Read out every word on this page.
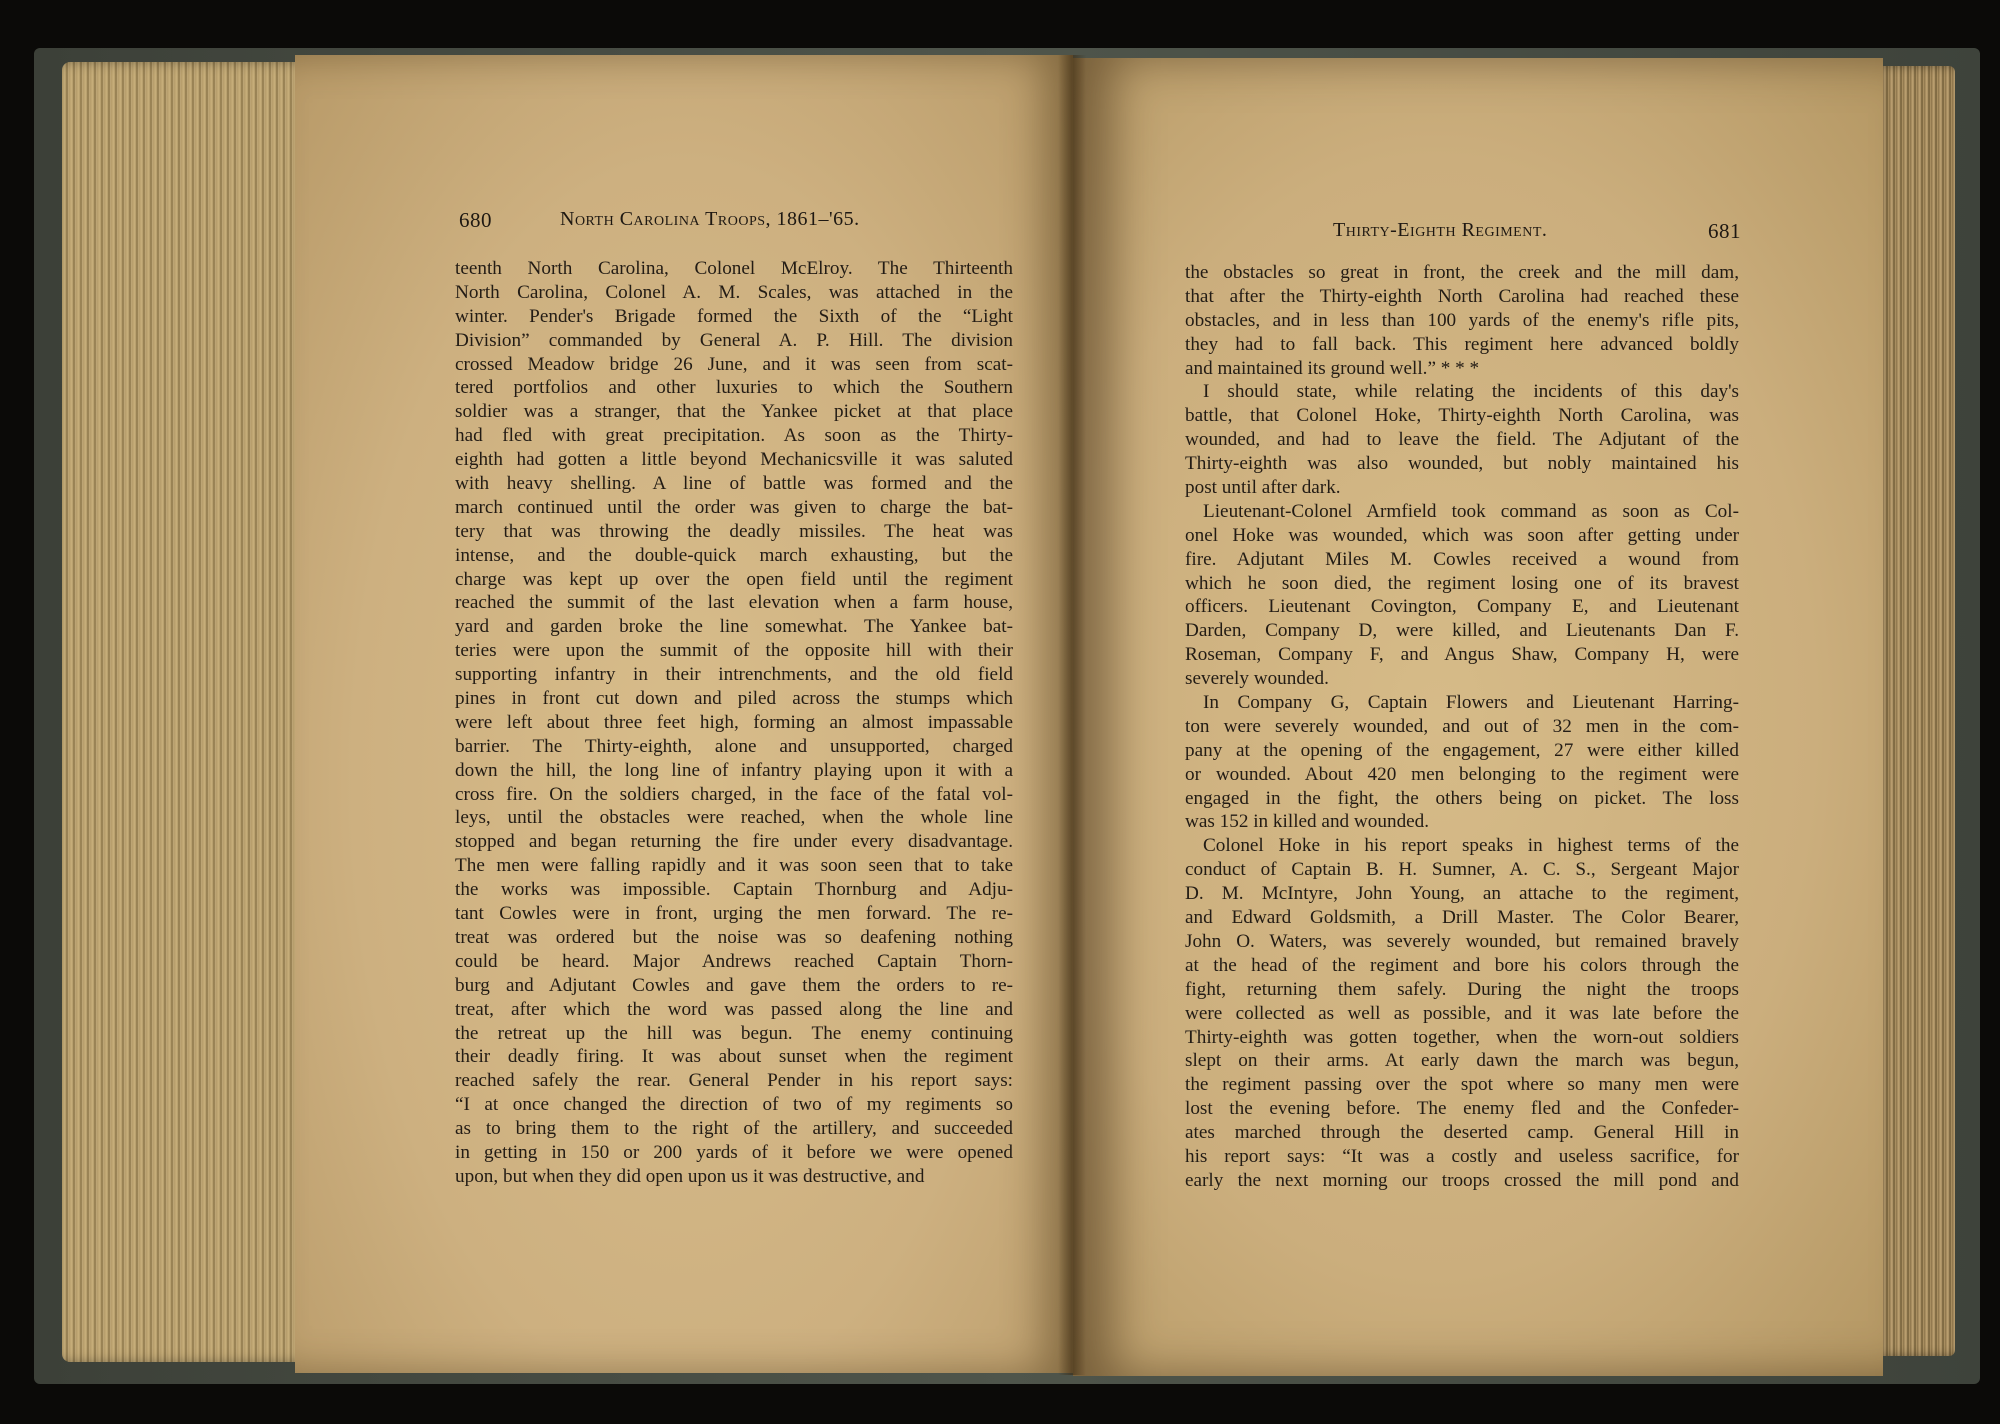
680	North Carolina Troops, 1861–'65.	Thirty-Eighth Regiment.	681
teenth North Carolina, Colonel McElroy. The Thirteenth
North Carolina, Colonel A. M. Scales, was attached in the
winter. Pender's Brigade formed the Sixth of the “Light
Division” commanded by General A. P. Hill. The division
crossed Meadow bridge 26 June, and it was seen from scat-
tered portfolios and other luxuries to which the Southern
soldier was a stranger, that the Yankee picket at that place
had fled with great precipitation. As soon as the Thirty-
eighth had gotten a little beyond Mechanicsville it was saluted
with heavy shelling. A line of battle was formed and the
march continued until the order was given to charge the bat-
tery that was throwing the deadly missiles. The heat was
intense, and the double-quick march exhausting, but the
charge was kept up over the open field until the regiment
reached the summit of the last elevation when a farm house,
yard and garden broke the line somewhat. The Yankee bat-
teries were upon the summit of the opposite hill with their
supporting infantry in their intrenchments, and the old field
pines in front cut down and piled across the stumps which
were left about three feet high, forming an almost impassable
barrier. The Thirty-eighth, alone and unsupported, charged
down the hill, the long line of infantry playing upon it with a
cross fire. On the soldiers charged, in the face of the fatal vol-
leys, until the obstacles were reached, when the whole line
stopped and began returning the fire under every disadvantage.
The men were falling rapidly and it was soon seen that to take
the works was impossible. Captain Thornburg and Adju-
tant Cowles were in front, urging the men forward. The re-
treat was ordered but the noise was so deafening nothing
could be heard. Major Andrews reached Captain Thorn-
burg and Adjutant Cowles and gave them the orders to re-
treat, after which the word was passed along the line and
the retreat up the hill was begun. The enemy continuing
their deadly firing. It was about sunset when the regiment
reached safely the rear. General Pender in his report says:
“I at once changed the direction of two of my regiments so
as to bring them to the right of the artillery, and succeeded
in getting in 150 or 200 yards of it before we were opened
upon, but when they did open upon us it was destructive, and
the obstacles so great in front, the creek and the mill dam,
that after the Thirty-eighth North Carolina had reached these
obstacles, and in less than 100 yards of the enemy's rifle pits,
they had to fall back. This regiment here advanced boldly
and maintained its ground well.” * * *
I should state, while relating the incidents of this day's
battle, that Colonel Hoke, Thirty-eighth North Carolina, was
wounded, and had to leave the field. The Adjutant of the
Thirty-eighth was also wounded, but nobly maintained his
post until after dark.
Lieutenant-Colonel Armfield took command as soon as Col-
onel Hoke was wounded, which was soon after getting under
fire. Adjutant Miles M. Cowles received a wound from
which he soon died, the regiment losing one of its bravest
officers. Lieutenant Covington, Company E, and Lieutenant
Darden, Company D, were killed, and Lieutenants Dan F.
Roseman, Company F, and Angus Shaw, Company H, were
severely wounded.
In Company G, Captain Flowers and Lieutenant Harring-
ton were severely wounded, and out of 32 men in the com-
pany at the opening of the engagement, 27 were either killed
or wounded. About 420 men belonging to the regiment were
engaged in the fight, the others being on picket. The loss
was 152 in killed and wounded.
Colonel Hoke in his report speaks in highest terms of the
conduct of Captain B. H. Sumner, A. C. S., Sergeant Major
D. M. McIntyre, John Young, an attache to the regiment,
and Edward Goldsmith, a Drill Master. The Color Bearer,
John O. Waters, was severely wounded, but remained bravely
at the head of the regiment and bore his colors through the
fight, returning them safely. During the night the troops
were collected as well as possible, and it was late before the
Thirty-eighth was gotten together, when the worn-out soldiers
slept on their arms. At early dawn the march was begun,
the regiment passing over the spot where so many men were
lost the evening before. The enemy fled and the Confeder-
ates marched through the deserted camp. General Hill in
his report says: “It was a costly and useless sacrifice, for
early the next morning our troops crossed the mill pond and
